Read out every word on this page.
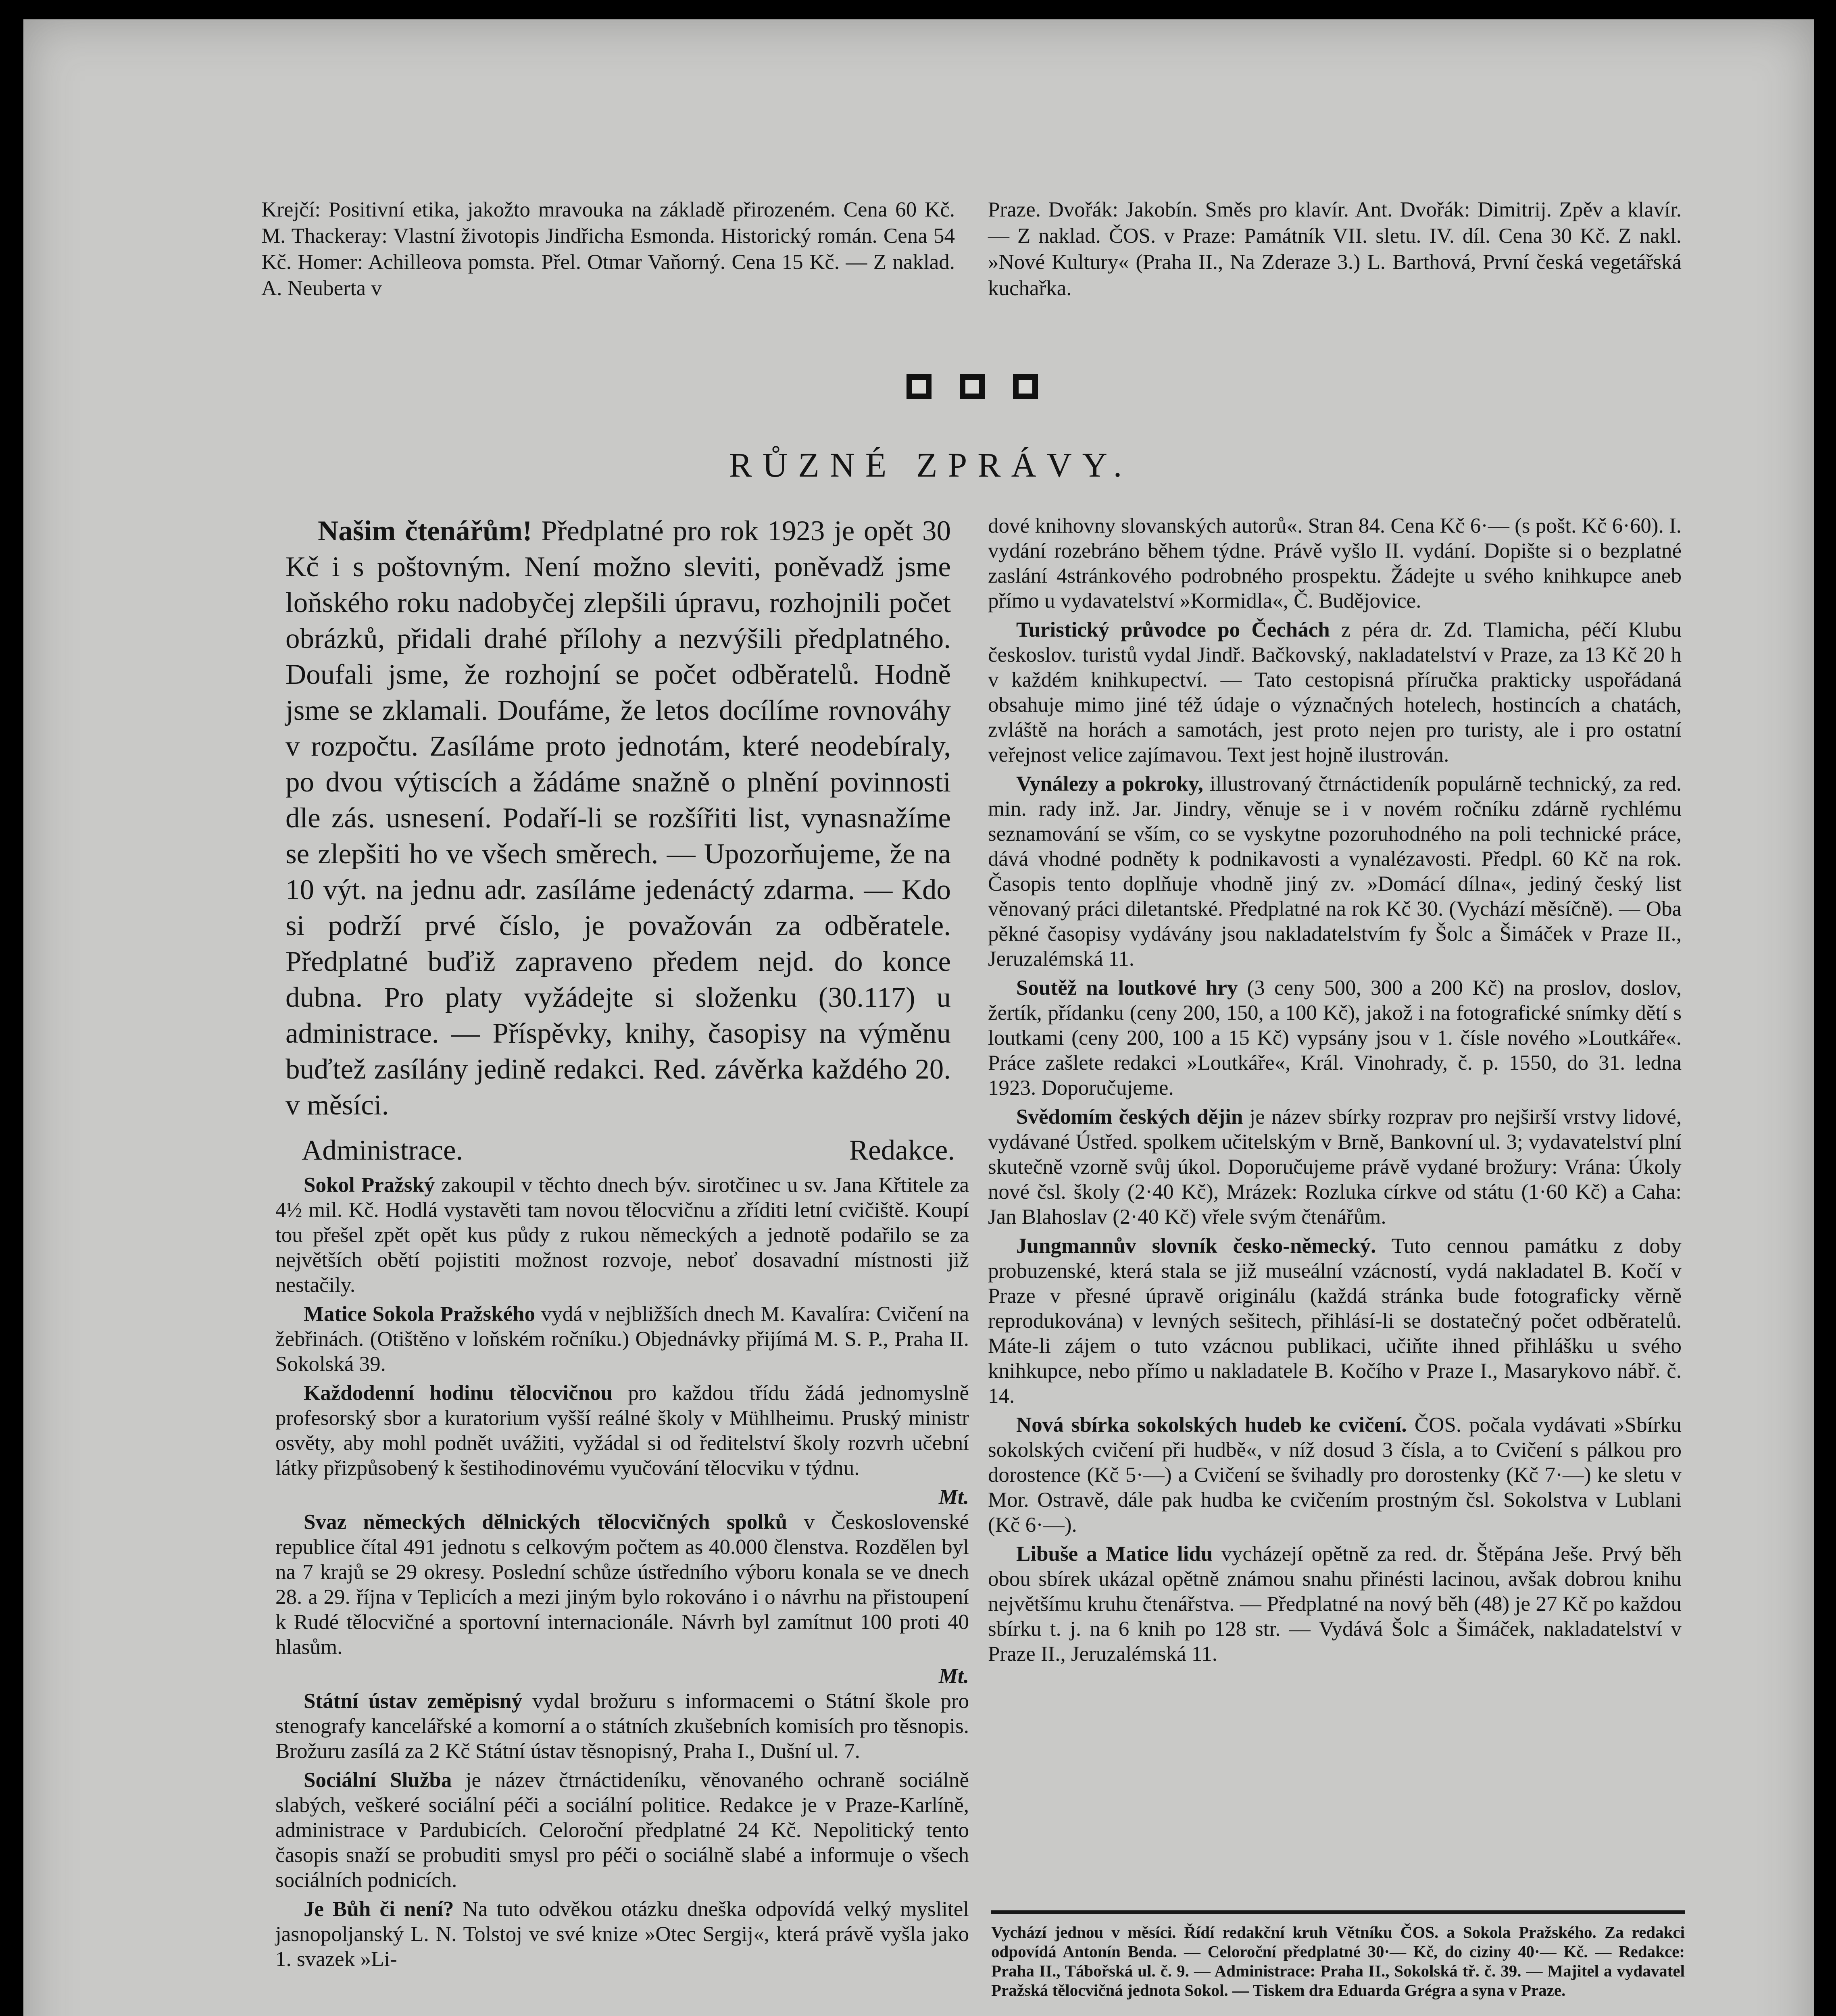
Krejčí: Positivní etika, jakožto mravouka na základě přirozeném. Cena 60 Kč. M. Thackeray: Vlastní životopis Jindřicha Esmonda. Historický román. Cena 54 Kč. Homer: Achilleova pomsta. Přel. Otmar Vaňorný. Cena 15 Kč. — Z naklad. A. Neuberta v

Praze. Dvořák: Jakobín. Směs pro klavír. Ant. Dvořák: Dimitrij. Zpěv a klavír. — Z naklad. ČOS. v Praze: Památník VII. sletu. IV. díl. Cena 30 Kč. Z nakl. »Nové Kultury« (Praha II., Na Zderaze 3.) L. Barthová, První česká vegetářská kuchařka.

RŮZNÉ ZPRÁVY.

Našim čtenářům! Předplatné pro rok 1923 je opět 30 Kč i s poštovným. Není možno sleviti, poněvadž jsme loňského roku nadobyčej zlepšili úpravu, rozhojnili počet obrázků, přidali drahé přílohy a nezvýšili předplatného. Doufali jsme, že rozhojní se počet odběratelů. Hodně jsme se zklamali. Doufáme, že letos docílíme rovnováhy v rozpočtu. Zasíláme proto jednotám, které neodebíraly, po dvou výtiscích a žádáme snažně o plnění povinnosti dle zás. usnesení. Podaří-li se rozšířiti list, vynasnažíme se zlepšiti ho ve všech směrech. — Upozorňujeme, že na 10 výt. na jednu adr. zasíláme jedenáctý zdarma. — Kdo si podrží prvé číslo, je považován za odběratele. Předplatné buďiž zapraveno předem nejd. do konce dubna. Pro platy vyžádejte si složenku (30.117) u administrace. — Příspěvky, knihy, časopisy na výměnu buďtež zasílány jedině redakci. Red. závěrka každého 20. v měsíci.

Administrace.	Redakce.

Sokol Pražský zakoupil v těchto dnech býv. sirotčinec u sv. Jana Křtitele za 4½ mil. Kč. Hodlá vystavěti tam novou tělocvičnu a zříditi letní cvičiště. Koupí tou přešel zpět opět kus půdy z rukou německých a jednotě podařilo se za největších obětí pojistiti možnost rozvoje, neboť dosavadní místnosti již nestačily.

Matice Sokola Pražského vydá v nejbližších dnech M. Kavalíra: Cvičení na žebřinách. (Otištěno v loňském ročníku.) Objednávky přijímá M. S. P., Praha II. Sokolská 39.

Každodenní hodinu tělocvičnou pro každou třídu žádá jednomyslně profesorský sbor a kuratorium vyšší reálné školy v Mühlheimu. Pruský ministr osvěty, aby mohl podnět uvážiti, vyžádal si od ředitelství školy rozvrh učební látky přizpůsobený k šestihodinovému vyučování tělocviku v týdnu.

Mt.

Svaz německých dělnických tělocvičných spolků v Československé republice čítal 491 jednotu s celkovým počtem as 40.000 členstva. Rozdělen byl na 7 krajů se 29 okresy. Poslední schůze ústředního výboru konala se ve dnech 28. a 29. října v Teplicích a mezi jiným bylo rokováno i o návrhu na přistoupení k Rudé tělocvičné a sportovní internacionále. Návrh byl zamítnut 100 proti 40 hlasům.

Mt.

Státní ústav zeměpisný vydal brožuru s informacemi o Státní škole pro stenografy kancelářské a komorní a o státních zkušebních komisích pro těsnopis. Brožuru zasílá za 2 Kč Státní ústav těsnopisný, Praha I., Dušní ul. 7.

Sociální Služba je název čtrnáctideníku, věnovaného ochraně sociálně slabých, veškeré sociální péči a sociální politice. Redakce je v Praze-Karlíně, administrace v Pardubicích. Celoroční předplatné 24 Kč. Nepolitický tento časopis snaží se probuditi smysl pro péči o sociálně slabé a informuje o všech sociálních podnicích.

Je Bůh či není? Na tuto odvěkou otázku dneška odpovídá velký myslitel jasnopoljanský L. N. Tolstoj ve své knize »Otec Sergij«, která právě vyšla jako 1. svazek »Li-

dové knihovny slovanských autorů«. Stran 84. Cena Kč 6·— (s pošt. Kč 6·60). I. vydání rozebráno během týdne. Právě vyšlo II. vydání. Dopište si o bezplatné zaslání 4stránkového podrobného prospektu. Žádejte u svého knihkupce aneb přímo u vydavatelství »Kormidla«, Č. Budějovice.

Turistický průvodce po Čechách z péra dr. Zd. Tlamicha, péčí Klubu českoslov. turistů vydal Jindř. Bačkovský, nakladatelství v Praze, za 13 Kč 20 h v každém knihkupectví. — Tato cestopisná příručka prakticky uspořádaná obsahuje mimo jiné též údaje o význačných hotelech, hostincích a chatách, zvláště na horách a samotách, jest proto nejen pro turisty, ale i pro ostatní veřejnost velice zajímavou. Text jest hojně ilustrován.

Vynálezy a pokroky, illustrovaný čtrnáctideník populárně technický, za red. min. rady inž. Jar. Jindry, věnuje se i v novém ročníku zdárně rychlému seznamování se vším, co se vyskytne pozoruhodného na poli technické práce, dává vhodné podněty k podnikavosti a vynalézavosti. Předpl. 60 Kč na rok. Časopis tento doplňuje vhodně jiný zv. »Domácí dílna«, jediný český list věnovaný práci diletantské. Předplatné na rok Kč 30. (Vychází měsíčně). — Oba pěkné časopisy vydávány jsou nakladatelstvím fy Šolc a Šimáček v Praze II., Jeruzalémská 11.

Soutěž na loutkové hry (3 ceny 500, 300 a 200 Kč) na proslov, doslov, žertík, přídanku (ceny 200, 150, a 100 Kč), jakož i na fotografické snímky dětí s loutkami (ceny 200, 100 a 15 Kč) vypsány jsou v 1. čísle nového »Loutkáře«. Práce zašlete redakci »Loutkáře«, Král. Vinohrady, č. p. 1550, do 31. ledna 1923. Doporučujeme.

Svědomím českých dějin je název sbírky rozprav pro nejširší vrstvy lidové, vydávané Ústřed. spolkem učitelským v Brně, Bankovní ul. 3; vydavatelství plní skutečně vzorně svůj úkol. Doporučujeme právě vydané brožury: Vrána: Úkoly nové čsl. školy (2·40 Kč), Mrázek: Rozluka církve od státu (1·60 Kč) a Caha: Jan Blahoslav (2·40 Kč) vřele svým čtenářům.

Jungmannův slovník česko-německý. Tuto cennou památku z doby probuzenské, která stala se již museální vzácností, vydá nakladatel B. Kočí v Praze v přesné úpravě originálu (každá stránka bude fotograficky věrně reprodukována) v levných sešitech, přihlásí-li se dostatečný počet odběratelů. Máte-li zájem o tuto vzácnou publikaci, učiňte ihned přihlášku u svého knihkupce, nebo přímo u nakladatele B. Kočího v Praze I., Masarykovo nábř. č. 14.

Nová sbírka sokolských hudeb ke cvičení. ČOS. počala vydávati »Sbírku sokolských cvičení při hudbě«, v níž dosud 3 čísla, a to Cvičení s pálkou pro dorostence (Kč 5·—) a Cvičení se švihadly pro dorostenky (Kč 7·—) ke sletu v Mor. Ostravě, dále pak hudba ke cvičením prostným čsl. Sokolstva v Lublani (Kč 6·—).

Libuše a Matice lidu vycházejí opětně za red. dr. Štěpána Ješe. Prvý běh obou sbírek ukázal opětně známou snahu přinésti lacinou, avšak dobrou knihu největšímu kruhu čtenářstva. — Předplatné na nový běh (48) je 27 Kč po každou sbírku t. j. na 6 knih po 128 str. — Vydává Šolc a Šimáček, nakladatelství v Praze II., Jeruzalémská 11.

Vychází jednou v měsíci. Řídí redakční kruh Větníku ČOS. a Sokola Pražského. Za redakci odpovídá Antonín Benda. — Celoroční předplatné 30·— Kč, do ciziny 40·— Kč. — Redakce: Praha II., Tábořská ul. č. 9. — Administrace: Praha II., Sokolská tř. č. 39. — Majitel a vydavatel Pražská tělocvičná jednota Sokol. — Tiskem dra Eduarda Grégra a syna v Praze.
